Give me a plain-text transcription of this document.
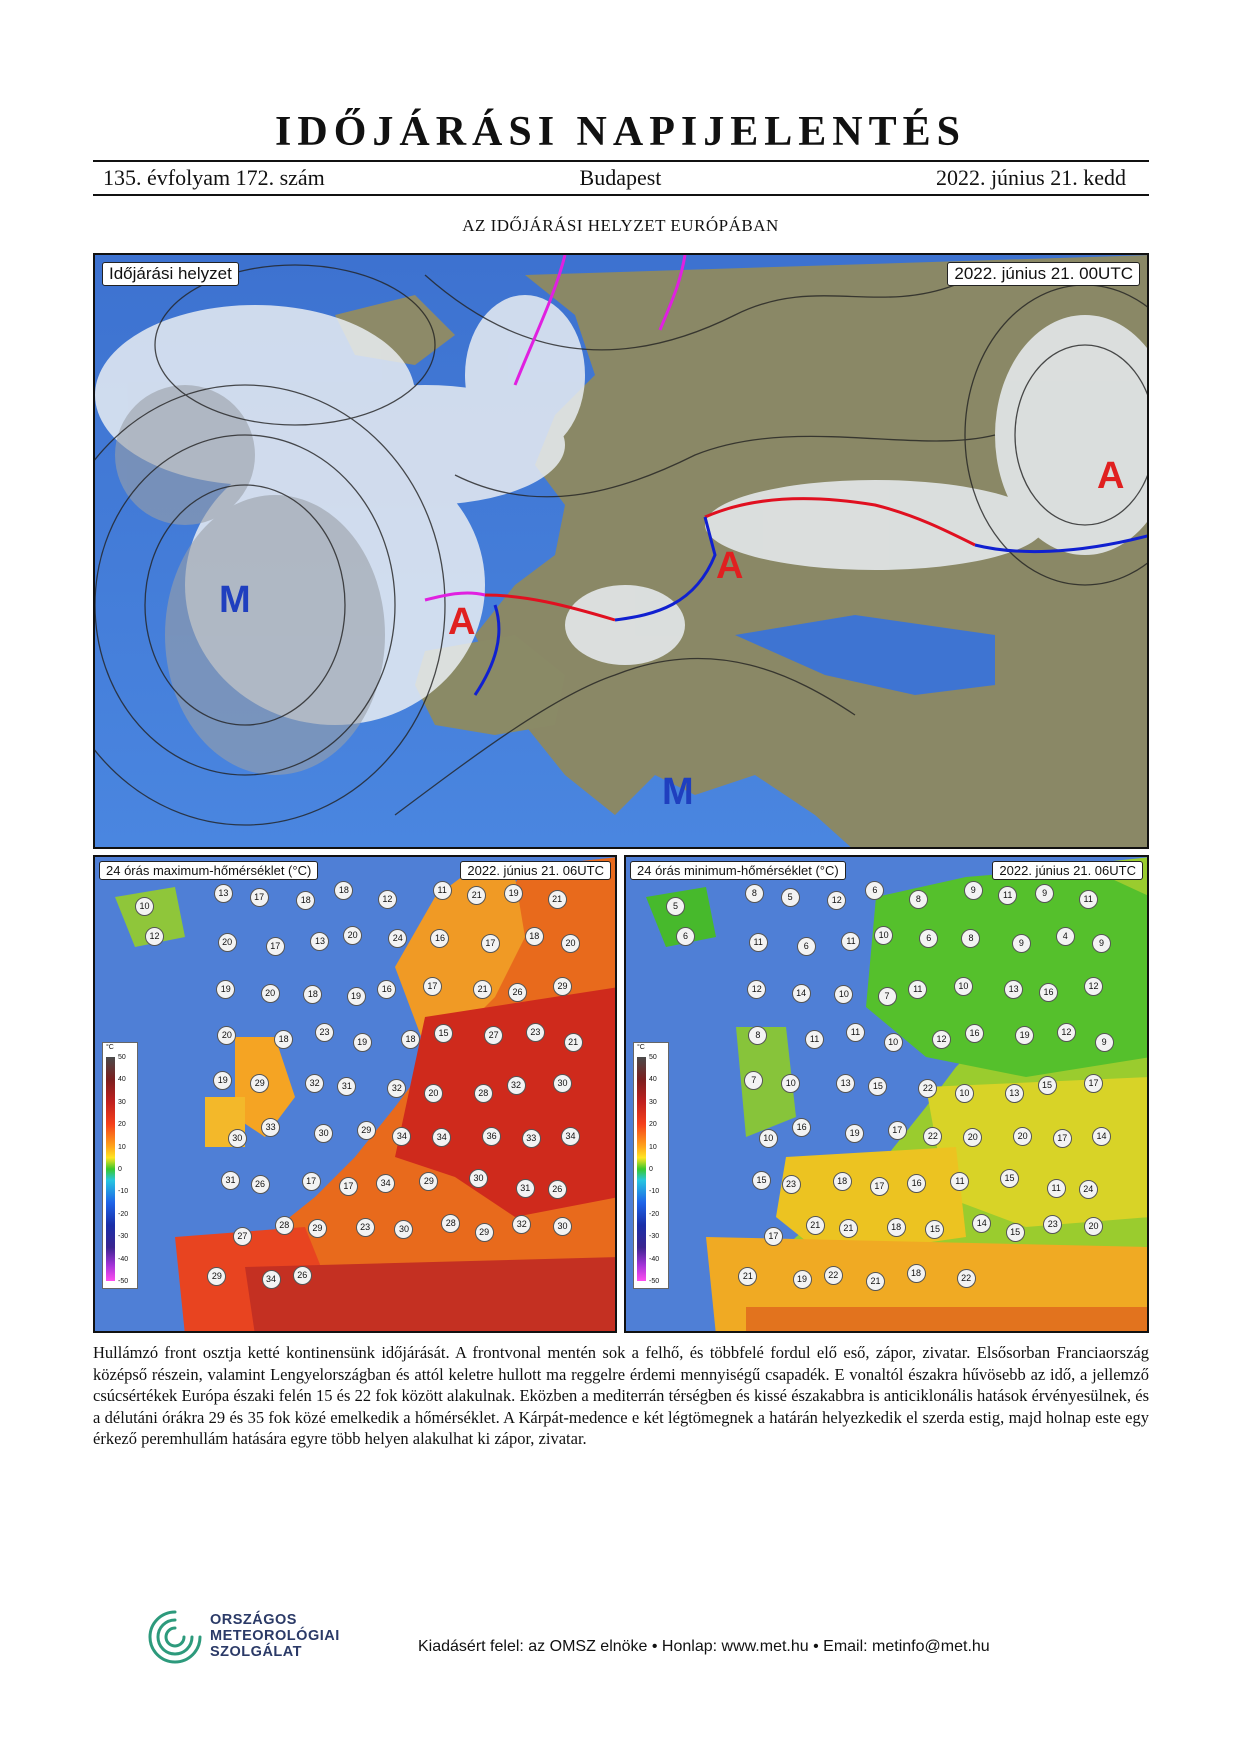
IDŐJÁRÁSI NAPIJELENTÉS
135. évfolyam 172. szám	Budapest	2022. június 21. kedd
AZ IDŐJÁRÁSI HELYZET EURÓPÁBAN
Időjárási helyzet	2022. június 21. 00UTC
M
M
A
A
A
24 órás maximum-hőmérséklet (°C)	2022. június 21. 06UTC
°C
50
40
30
20
10
0
-10
-20
-30
-40
-50
10
12
13	17	18
18
12
11
21	19
21
20	17	13
20	24	16
17
18
20
19	20	18	19
16	17	21	26
29
20	18
23
19	18
15	27	23
21
19	29	32	31	32	20	28
32	30
30
33
30	29
34	34	36	33	34
31	26	17	17	34	29	30
31	26
27
28	29	23	30
28
29
32	30
29	34	26
24 órás minimum-hőmérséklet (°C)	2022. június 21. 06UTC
°C
50
40
30
20
10
0
-10
-20
-30
-40
-50
5
6
8	5	12
6
8
9
11	9
11
11	6	11
10	6	8
9
4
9
12	14	10	7
11	10	13	16
12
8	11
11
10	12
16	19	12
9
7	10	13	15	22	10	13
15	17
10
16
19	17
22	20	20	17	14
15	23	18	17	16	11	15
11	24
17
21	21	18	15
14
15
23	20
21	19	22
21
18
22
Hullámzó front osztja ketté kontinensünk időjárását. A frontvonal mentén sok a felhő, és többfelé fordul elő eső, zápor, zivatar. Elsősorban Franciaország középső részein, valamint Lengyelországban és attól keletre hullott ma reggelre érdemi mennyiségű csapadék. E vonaltól északra hűvösebb az idő, a jellemző csúcsértékek Európa északi felén 15 és 22 fok között alakulnak. Eközben a mediterrán térségben és kissé északabbra is anticiklonális hatások érvényesülnek, és a délutáni órákra 29 és 35 fok közé emelkedik a hőmérséklet. A Kárpát-medence e két légtömegnek a határán helyezkedik el szerda estig, majd holnap este egy érkező peremhullám hatására egyre több helyen alakulhat ki zápor, zivatar.
ORSZÁGOS
METEOROLÓGIAI
SZOLGÁLAT	Kiadásért felel: az OMSZ elnöke • Honlap: www.met.hu • Email: metinfo@met.hu
